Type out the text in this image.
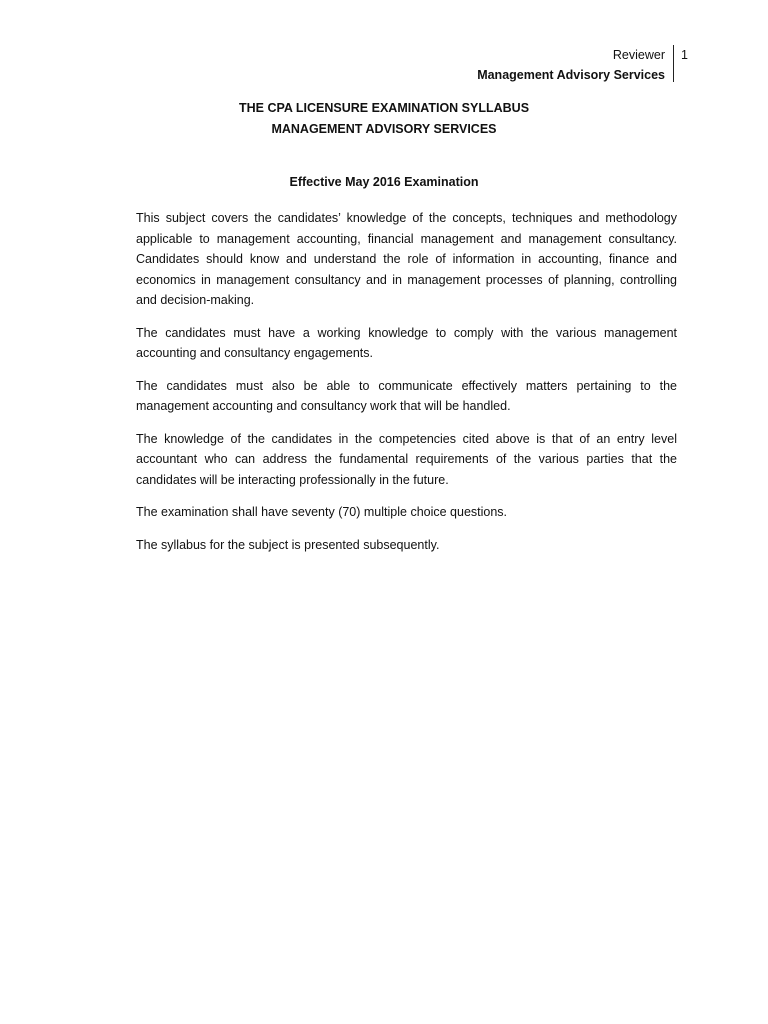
Reviewer
Management Advisory Services
1
THE CPA LICENSURE EXAMINATION SYLLABUS
MANAGEMENT ADVISORY SERVICES
Effective May 2016 Examination

This subject covers the candidates’ knowledge of the concepts, techniques and methodology applicable to management accounting, financial management and management consultancy. Candidates should know and understand the role of information in accounting, finance and economics in management consultancy and in management processes of planning, controlling and decision-making.

The candidates must have a working knowledge to comply with the various management accounting and consultancy engagements.

The candidates must also be able to communicate effectively matters pertaining to the management accounting and consultancy work that will be handled.

The knowledge of the candidates in the competencies cited above is that of an entry level accountant who can address the fundamental requirements of the various parties that the candidates will be interacting professionally in the future.

The examination shall have seventy (70) multiple choice questions.

The syllabus for the subject is presented subsequently.
